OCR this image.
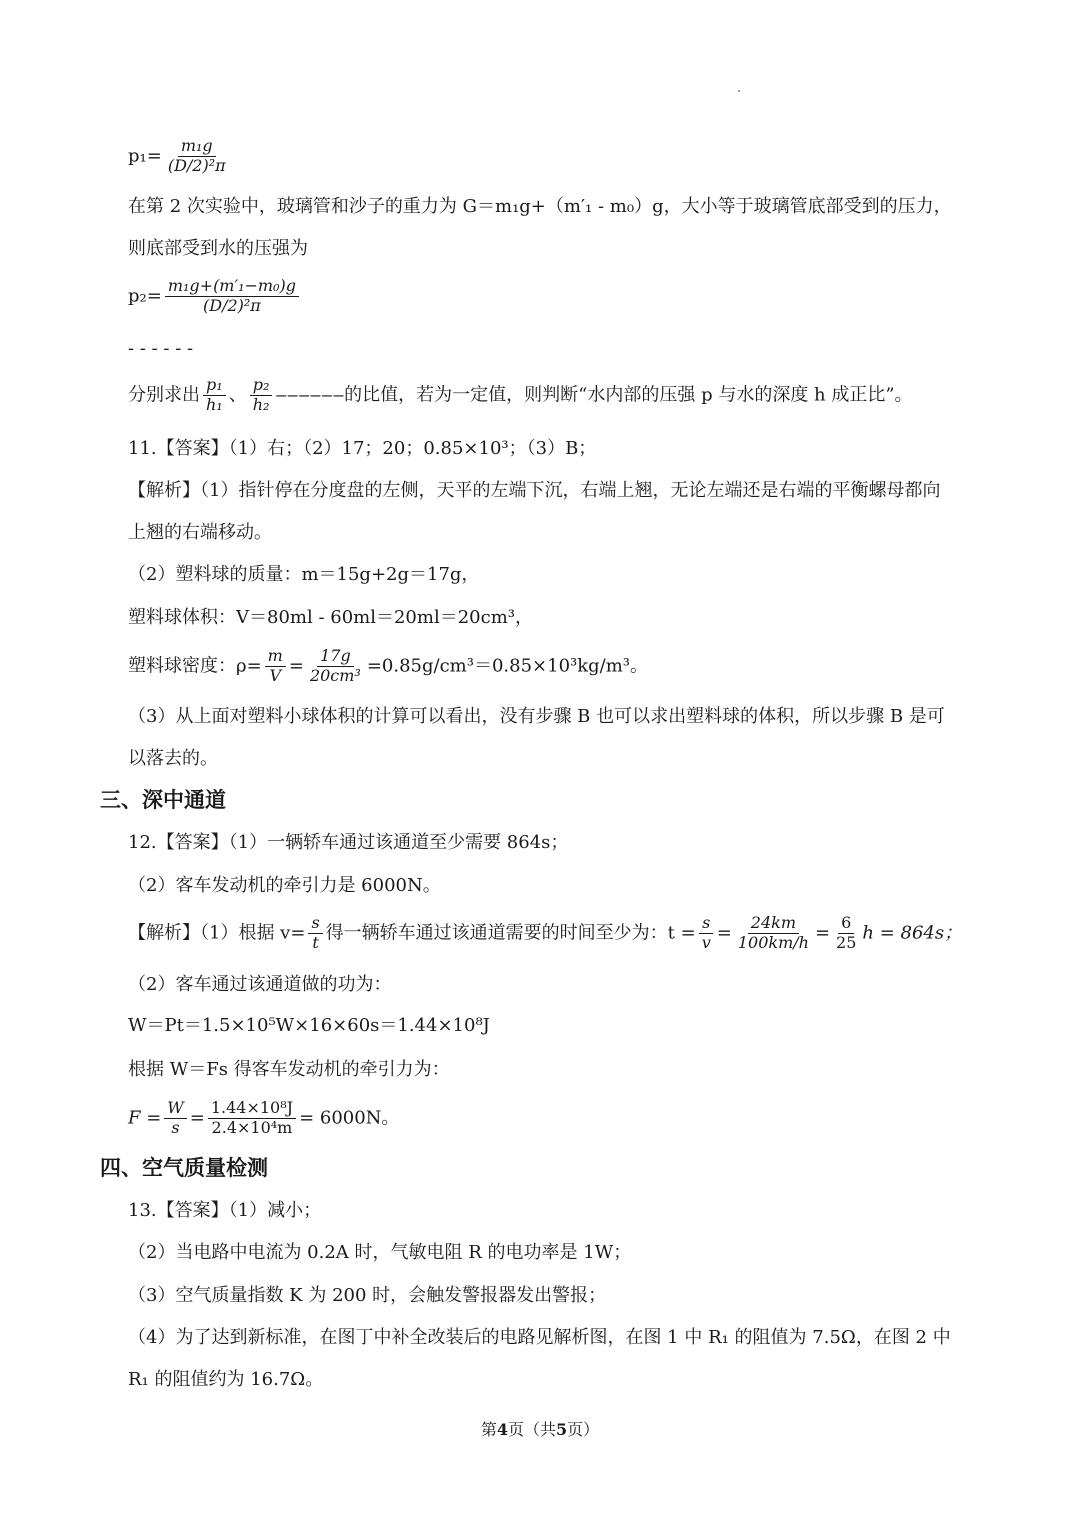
$p_1= \frac{\text{m₁g}}{\text{(D/2)²π}}$
在第 2 次实验中，玻璃管和沙子的重力为 G＝m₁g+（m′₁ - m₀）g，大小等于玻璃管底部受到的压力，
则底部受到水的压强为
$p_2= \frac{\text{m₁g+(m′₁−m₀)g}}{\text{(D/2)²π}}$
- - - - - -
分别求出 $\frac{\text{p₁}}{\text{h₁}}$ 、 $\frac{\text{p₂}}{\text{h₂}}$ ‒‒‒‒‒‒的比值，若为一定值，则判断“水内部的压强 p 与水的深度 h 成正比”。
11.【答案】（1）右；（2）17；20；0.85×10³；（3）B；
【解析】（1）指针停在分度盘的左侧，天平的左端下沉，右端上翘，无论左端还是右端的平衡螺母都向
上翘的右端移动。
（2）塑料球的质量：m＝15g+2g＝17g，
塑料球体积：V＝80ml - 60ml＝20ml＝20cm³，
塑料球密度：$\rho= \frac{m}{V} = \frac{17g}{\text{20cm³}} =0.85g/cm^3=0.85\times 10^3kg/m^3$。
（3）从上面对塑料小球体积的计算可以看出，没有步骤 B 也可以求出塑料球的体积，所以步骤 B 是可
以落去的。
三、深中通道
12.【答案】（1）一辆轿车通过该通道至少需要 864s；
（2）客车发动机的牵引力是 6000N。
【解析】（1）根据 $v= \frac{s}{t}$ 得一辆轿车通过该通道需要的时间至少为：$t = \frac{s}{v} = \frac{24km}{100km/h} = \frac{6}{25}$ h = 864s；
（2）客车通过该通道做的功为：
W＝Pt＝1.5×10⁵W×16×60s＝1.44×10⁸J
根据 W＝Fs 得客车发动机的牵引力为：
$F = \frac{W}{s} = \frac{\text{1.44×10⁸J}}{\text{2.4×10⁴m}} = 6000N$。
四、空气质量检测
13.【答案】（1）减小；
（2）当电路中电流为 0.2A 时，气敏电阻 R 的电功率是 1W；
（3）空气质量指数 K 为 200 时，会触发警报器发出警报；
（4）为了达到新标准，在图丁中补全改装后的电路见解析图，在图 1 中 R₁ 的阻值为 7.5Ω，在图 2 中
R₁ 的阻值约为 16.7Ω。
第4页（共5页）
